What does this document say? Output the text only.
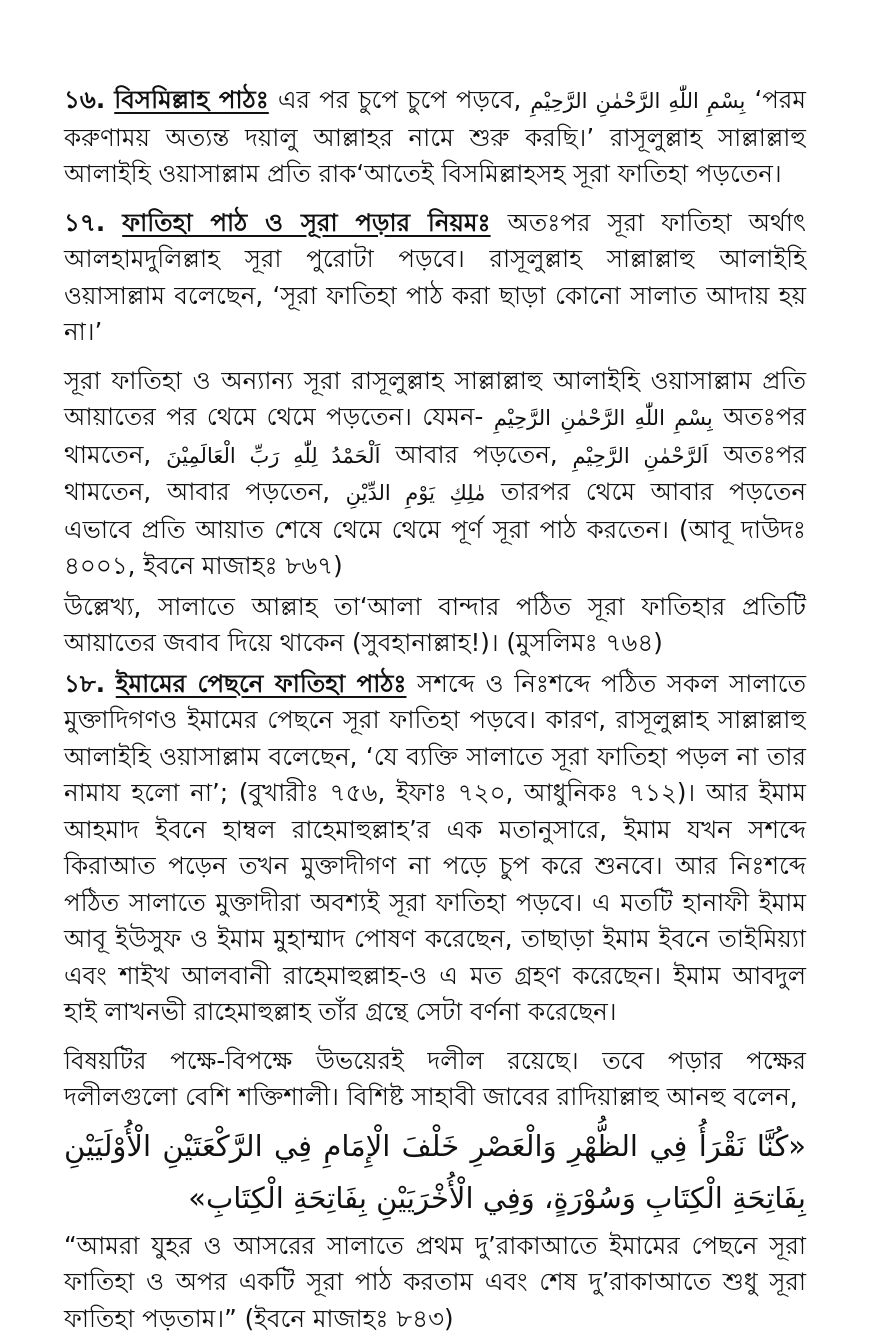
১৬. বিসমিল্লাহ পাঠঃ এর পর চুপে চুপে পড়বে, بِسْمِ اللّٰهِ الرَّحْمٰنِ الرَّحِيْمِ ‘পরম করুণাময় অত্যন্ত দয়ালু আল্লাহর নামে শুরু করছি।’ রাসূলুল্লাহ সাল্লাল্লাহু আলাইহি ওয়াসাল্লাম প্রতি রাক‘আতেই বিসমিল্লাহসহ সূরা ফাতিহা পড়তেন।

১৭. ফাতিহা পাঠ ও সূরা পড়ার নিয়মঃ অতঃপর সূরা ফাতিহা অর্থাৎ আলহামদুলিল্লাহ সূরা পুরোটা পড়বে। রাসূলুল্লাহ সাল্লাল্লাহু আলাইহি ওয়াসাল্লাম বলেছেন, ‘সূরা ফাতিহা পাঠ করা ছাড়া কোনো সালাত আদায় হয় না।’

সূরা ফাতিহা ও অন্যান্য সূরা রাসূলুল্লাহ সাল্লাল্লাহু আলাইহি ওয়াসাল্লাম প্রতি আয়াতের পর থেমে থেমে পড়তেন। যেমন- بِسْمِ اللّٰهِ الرَّحْمٰنِ الرَّحِيْمِ অতঃপর থামতেন, اَلْحَمْدُ لِلّٰهِ رَبِّ الْعَالَمِيْنَ আবার পড়তেন, اَلرَّحْمٰنِ الرَّحِيْمِ অতঃপর থামতেন, আবার পড়তেন, مٰلِكِ يَوْمِ الدِّيْنِ তারপর থেমে আবার পড়তেন এভাবে প্রতি আয়াত শেষে থেমে থেমে পূর্ণ সূরা পাঠ করতেন। (আবূ দাউদঃ ৪০০১, ইবনে মাজাহঃ ৮৬৭)

উল্লেখ্য, সালাতে আল্লাহ তা‘আলা বান্দার পঠিত সূরা ফাতিহার প্রতিটি আয়াতের জবাব দিয়ে থাকেন (সুবহানাল্লাহ!)। (মুসলিমঃ ৭৬৪)

১৮. ইমামের পেছনে ফাতিহা পাঠঃ সশব্দে ও নিঃশব্দে পঠিত সকল সালাতে মুক্তাদিগণও ইমামের পেছনে সূরা ফাতিহা পড়বে। কারণ, রাসূলুল্লাহ সাল্লাল্লাহু আলাইহি ওয়াসাল্লাম বলেছেন, ‘যে ব্যক্তি সালাতে সূরা ফাতিহা পড়ল না তার নামায হলো না’; (বুখারীঃ ৭৫৬, ইফাঃ ৭২০, আধুনিকঃ ৭১২)। আর ইমাম আহমাদ ইবনে হাম্বল রাহেমাহুল্লাহ’র এক মতানুসারে, ইমাম যখন সশব্দে কিরাআত পড়েন তখন মুক্তাদীগণ না পড়ে চুপ করে শুনবে। আর নিঃশব্দে পঠিত সালাতে মুক্তাদীরা অবশ্যই সূরা ফাতিহা পড়বে। এ মতটি হানাফী ইমাম আবূ ইউসুফ ও ইমাম মুহাম্মাদ পোষণ করেছেন, তাছাড়া ইমাম ইবনে তাইমিয়্যা এবং শাইখ আলবানী রাহেমাহুল্লাহ-ও এ মত গ্রহণ করেছেন। ইমাম আবদুল হাই লাখনভী রাহেমাহুল্লাহ তাঁর গ্রন্থে সেটা বর্ণনা করেছেন।

বিষয়টির পক্ষে-বিপক্ষে উভয়েরই দলীল রয়েছে। তবে পড়ার পক্ষের দলীলগুলো বেশি শক্তিশালী। বিশিষ্ট সাহাবী জাবের রাদিয়াল্লাহু আনহু বলেন,

«كُنَّا نَقْرَأُ فِي الظُّهْرِ وَالْعَصْرِ خَلْفَ الْإِمَامِ فِي الرَّكْعَتَيْنِ الْأُوْلَيَيْنِ بِفَاتِحَةِ الْكِتَابِ وَسُوْرَةٍ، وَفِي الْأُخْرَيَيْنِ بِفَاتِحَةِ الْكِتَابِ»

“আমরা যুহর ও আসরের সালাতে প্রথম দু’রাকাআতে ইমামের পেছনে সূরা ফাতিহা ও অপর একটি সূরা পাঠ করতাম এবং শেষ দু’রাকাআতে শুধু সূরা ফাতিহা পড়তাম।” (ইবনে মাজাহঃ ৮৪৩)
